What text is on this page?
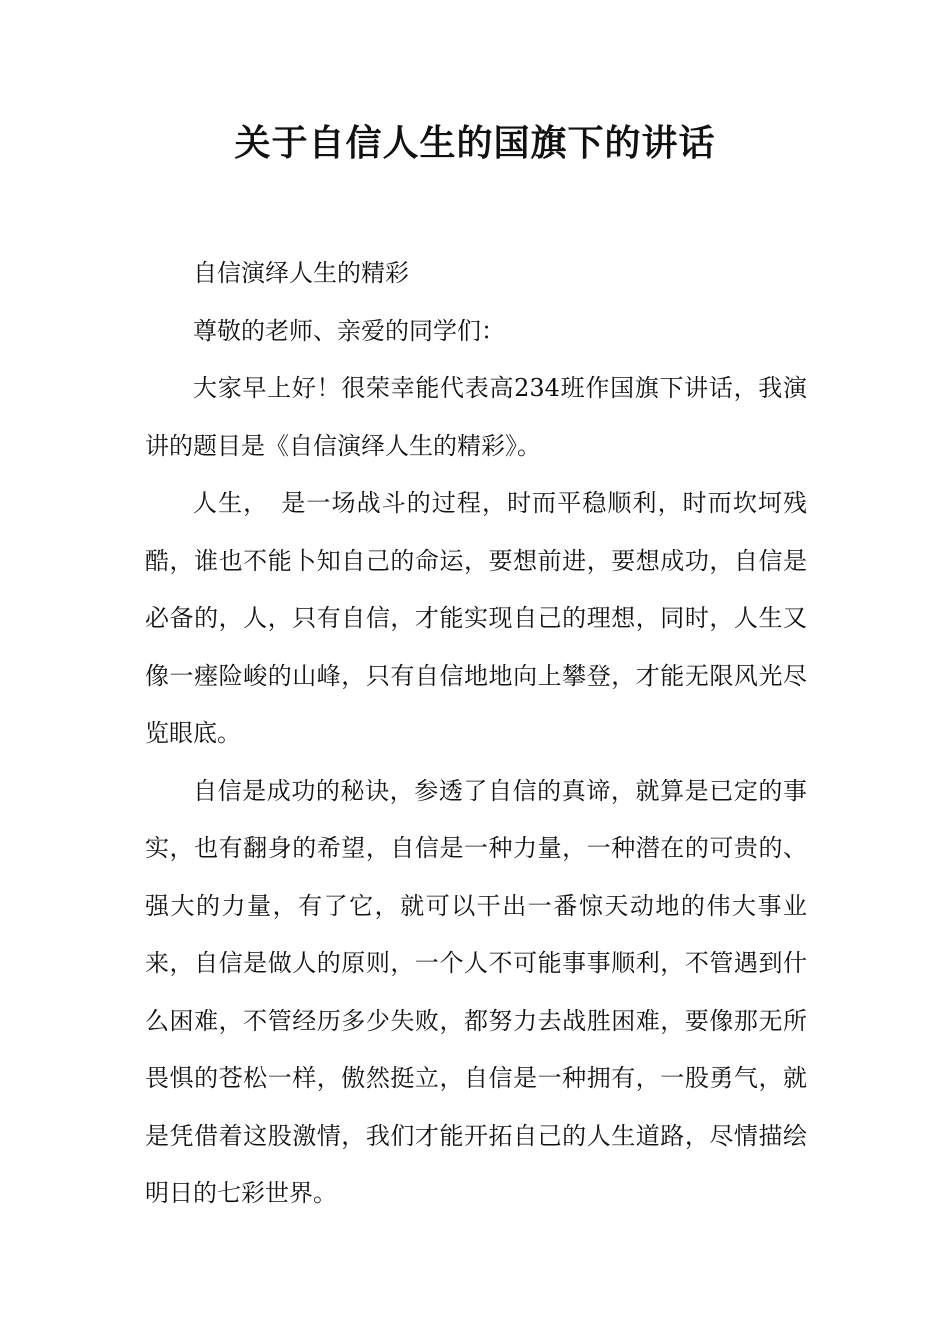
关于自信人生的国旗下的讲话

自信演绎人生的精彩

尊敬的老师、亲爱的同学们：

大家早上好！很荣幸能代表高234班作国旗下讲话，我演讲的题目是《自信演绎人生的精彩》。

人生，　是一场战斗的过程，时而平稳顺利，时而坎坷残酷，谁也不能卜知自己的命运，要想前进，要想成功，自信是必备的，人，只有自信，才能实现自己的理想，同时，人生又像一瘗险峻的山峰，只有自信地地向上攀登，才能无限风光尽览眼底。

自信是成功的秘诀，参透了自信的真谛，就算是已定的事实，也有翻身的希望，自信是一种力量，一种潜在的可贵的、强大的力量，有了它，就可以干出一番惊天动地的伟大事业来，自信是做人的原则，一个人不可能事事顺利，不管遇到什么困难，不管经历多少失败，都努力去战胜困难，要像那无所畏惧的苍松一样，傲然挺立，自信是一种拥有，一股勇气，就是凭借着这股激情，我们才能开拓自己的人生道路，尽情描绘明日的七彩世界。
